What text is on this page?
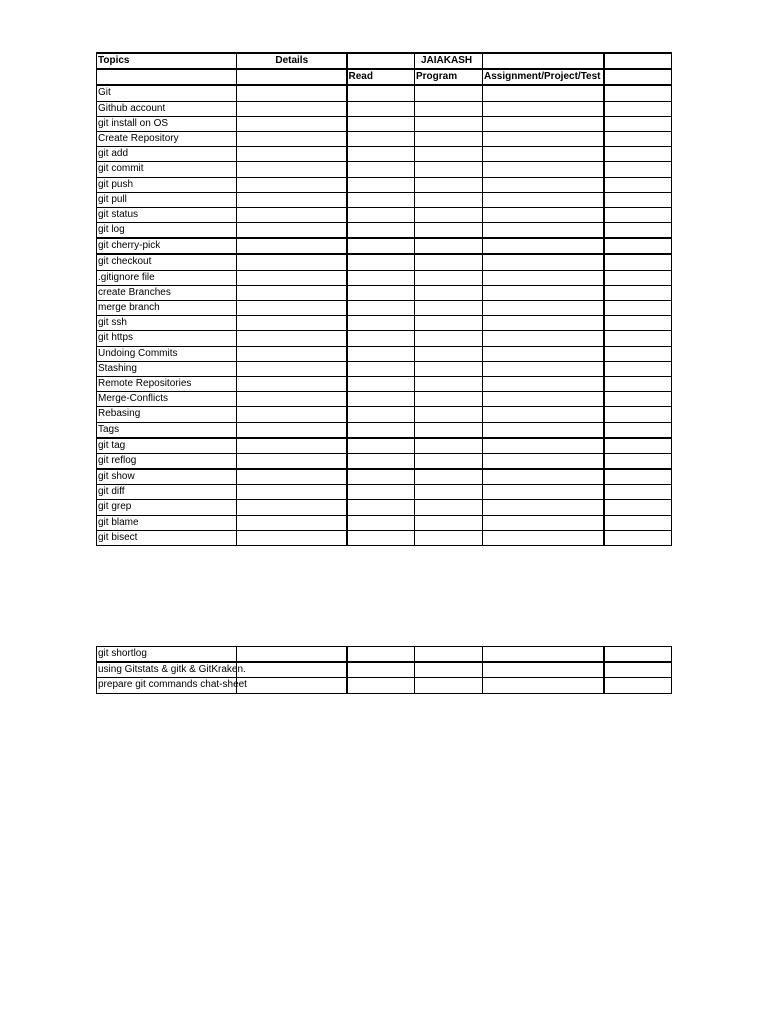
Topics	Details		JAIAKASH		

		Read	Program	Assignment/Project/Test	

Git					

Github account					

git install on OS					

Create Repository					

git add					

git commit					

git push					

git pull					

git status					

git log					

git cherry-pick					

git checkout					

.gitignore file					

create Branches					

merge branch					

git ssh					

git https					

Undoing Commits					

Stashing					

Remote Repositories					

Merge-Conflicts					

Rebasing					

Tags					

git tag					

git reflog					

git show					

git diff					

git grep					

git blame					

git bisect					

git shortlog					

using Gitstats & gitk & GitKraken.					

prepare git commands chat-sheet					
